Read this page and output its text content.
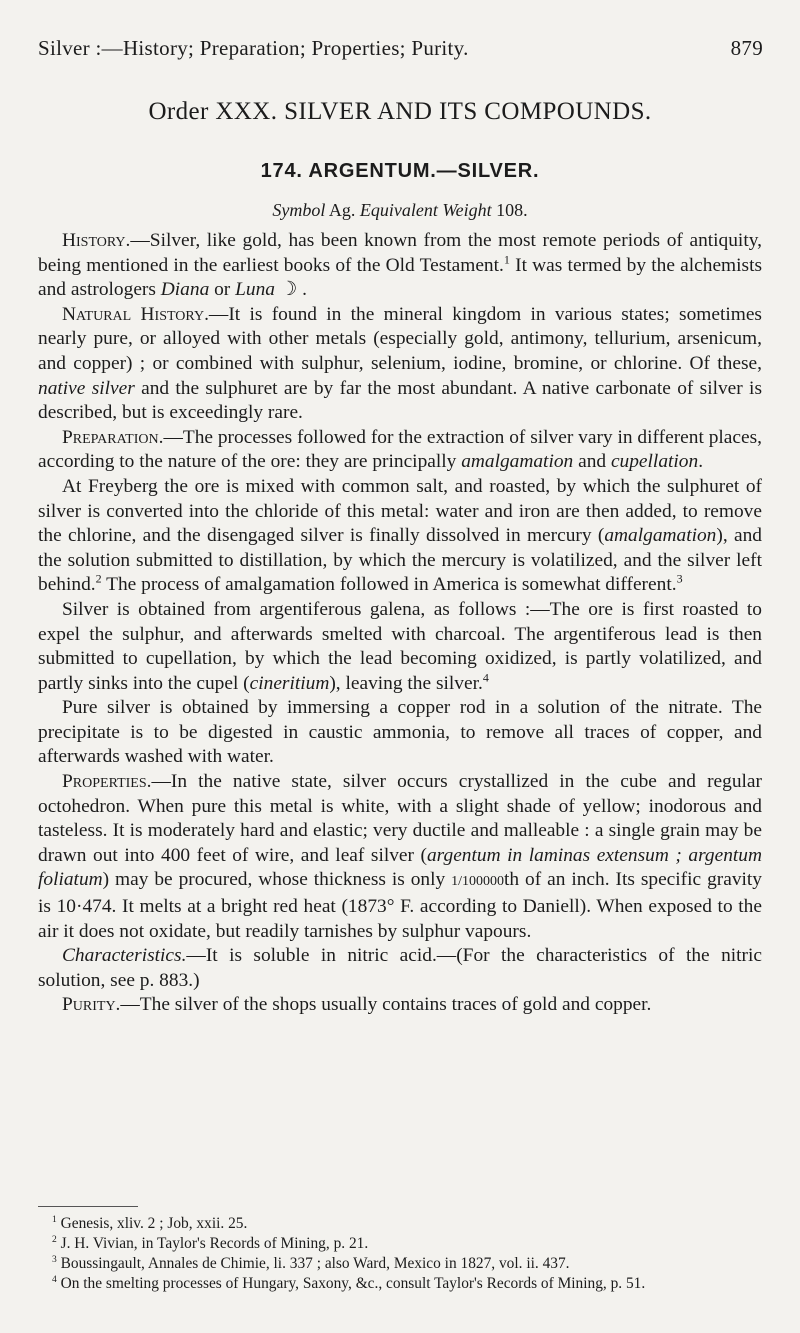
Silver :—History; Preparation; Properties; Purity.	879
Order XXX. SILVER AND ITS COMPOUNDS.
174. ARGENTUM.—SILVER.
Symbol Ag. Equivalent Weight 108.

History.—Silver, like gold, has been known from the most remote periods of antiquity, being mentioned in the earliest books of the Old Testament.$^1$ It was termed by the alchemists and astrologers Diana or Luna ☽ .

Natural History.—It is found in the mineral kingdom in various states; sometimes nearly pure, or alloyed with other metals (especially gold, antimony, tellurium, arsenicum, and copper) ; or combined with sulphur, selenium, iodine, bromine, or chlorine. Of these, native silver and the sulphuret are by far the most abundant. A native carbonate of silver is described, but is exceedingly rare.

Preparation.—The processes followed for the extraction of silver vary in different places, according to the nature of the ore: they are principally amalgamation and cupellation.

At Freyberg the ore is mixed with common salt, and roasted, by which the sulphuret of silver is converted into the chloride of this metal: water and iron are then added, to remove the chlorine, and the disengaged silver is finally dissolved in mercury (amalgamation), and the solution submitted to distillation, by which the mercury is volatilized, and the silver left behind.$^2$ The process of amalgamation followed in America is somewhat different.$^3$

Silver is obtained from argentiferous galena, as follows :—The ore is first roasted to expel the sulphur, and afterwards smelted with charcoal. The argentiferous lead is then submitted to cupellation, by which the lead becoming oxidized, is partly volatilized, and partly sinks into the cupel (cineritium), leaving the silver.$^4$

Pure silver is obtained by immersing a copper rod in a solution of the nitrate. The precipitate is to be digested in caustic ammonia, to remove all traces of copper, and afterwards washed with water.

Properties.—In the native state, silver occurs crystallized in the cube and regular octohedron. When pure this metal is white, with a slight shade of yellow; inodorous and tasteless. It is moderately hard and elastic; very ductile and malleable : a single grain may be drawn out into 400 feet of wire, and leaf silver (argentum in laminas extensum ; argentum foliatum) may be procured, whose thickness is only 1/100000th of an inch. Its specific gravity is 10·474. It melts at a bright red heat (1873° F. according to Daniell). When exposed to the air it does not oxidate, but readily tarnishes by sulphur vapours.

Characteristics.—It is soluble in nitric acid.—(For the characteristics of the nitric solution, see p. 883.)

Purity.—The silver of the shops usually contains traces of gold and copper.

$^1$ Genesis, xliv. 2 ; Job, xxii. 25.
$^2$ J. H. Vivian, in Taylor's Records of Mining, p. 21.
$^3$ Boussingault, Annales de Chimie, li. 337 ; also Ward, Mexico in 1827, vol. ii. 437.
$^4$ On the smelting processes of Hungary, Saxony, &c., consult Taylor's Records of Mining, p. 51.
